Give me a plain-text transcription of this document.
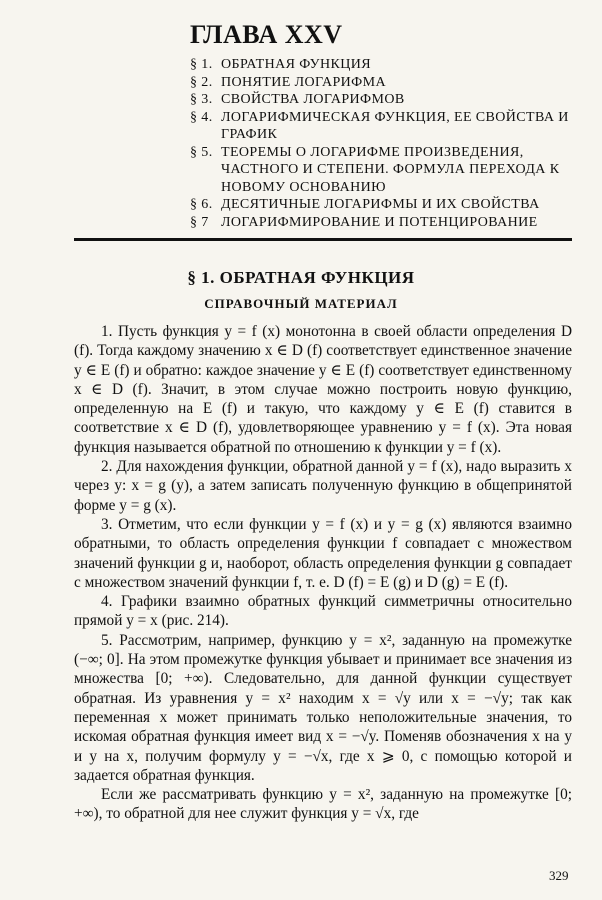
ГЛАВА XXV
§ 1. ОБРАТНАЯ ФУНКЦИЯ
§ 2. ПОНЯТИЕ ЛОГАРИФМА
§ 3. СВОЙСТВА ЛОГАРИФМОВ
§ 4. ЛОГАРИФМИЧЕСКАЯ ФУНКЦИЯ, ЕЕ СВОЙСТВА И ГРАФИК
§ 5. ТЕОРЕМЫ О ЛОГАРИФМЕ ПРОИЗВЕДЕНИЯ, ЧАСТНОГО И СТЕПЕНИ. ФОРМУЛА ПЕРЕХОДА К НОВОМУ ОСНОВАНИЮ
§ 6. ДЕСЯТИЧНЫЕ ЛОГАРИФМЫ И ИХ СВОЙСТВА
§ 7 ЛОГАРИФМИРОВАНИЕ И ПОТЕНЦИРОВАНИЕ
§ 1. ОБРАТНАЯ ФУНКЦИЯ
СПРАВОЧНЫЙ МАТЕРИАЛ

1. Пусть функция y = f (x) монотонна в своей области определения D (f). Тогда каждому значению x ∈ D (f) соответствует единственное значение y ∈ E (f) и обратно: каждое значение y ∈ E (f) соответствует единственному x ∈ D (f). Значит, в этом случае можно построить новую функцию, определенную на E (f) и такую, что каждому y ∈ E (f) ставится в соответствие x ∈ D (f), удовлетворяющее уравнению y = f (x). Эта новая функция называется обратной по отношению к функции y = f (x).

2. Для нахождения функции, обратной данной y = f (x), надо выразить x через y: x = g (y), а затем записать полученную функцию в общепринятой форме y = g (x).

3. Отметим, что если функции y = f (x) и y = g (x) являются взаимно обратными, то область определения функции f совпадает с множеством значений функции g и, наоборот, область определения функции g совпадает с множеством значений функции f, т. е. D (f) = E (g) и D (g) = E (f).

4. Графики взаимно обратных функций симметричны относительно прямой y = x (рис. 214).

5. Рассмотрим, например, функцию y = x², заданную на промежутке (−∞; 0]. На этом промежутке функция убывает и принимает все значения из множества [0; +∞). Следовательно, для данной функции существует обратная. Из уравнения y = x² находим x = √y или x = −√y; так как переменная x может принимать только неположительные значения, то искомая обратная функция имеет вид x = −√y. Поменяв обозначения x на y и y на x, получим формулу y = −√x, где x ⩾ 0, с помощью которой и задается обратная функция.

Если же рассматривать функцию y = x², заданную на промежутке [0; +∞), то обратной для нее служит функция y = √x, где

329
